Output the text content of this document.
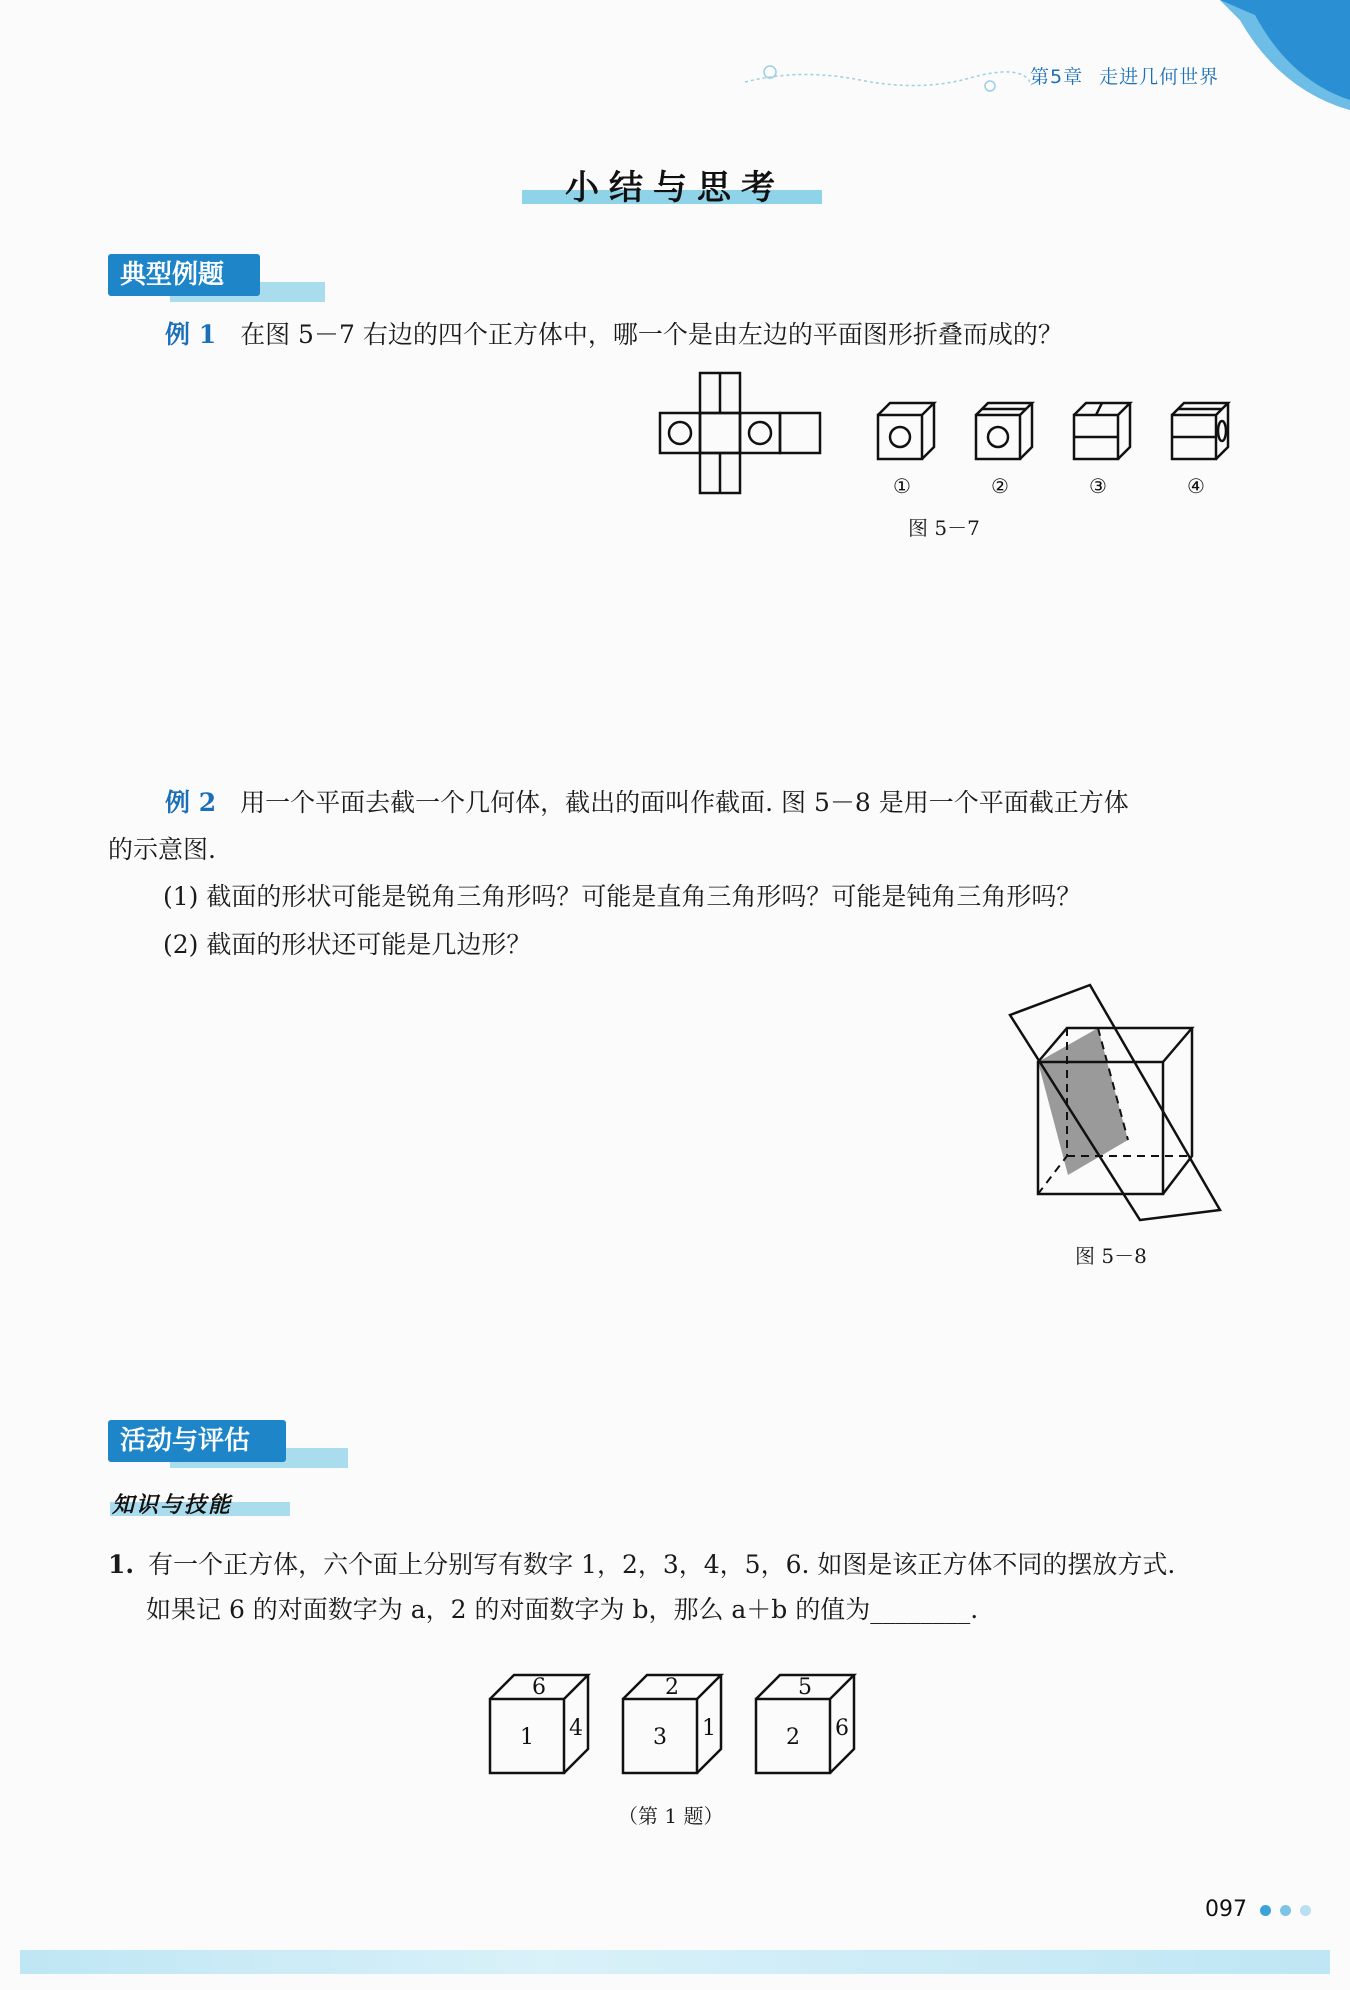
第5章 走进几何世界
小结与思考
典型例题
例 1 在图 5－7 右边的四个正方体中，哪一个是由左边的平面图形折叠而成的？
①	②	③	④
图 5－7
例 2 用一个平面去截一个几何体，截出的面叫作截面. 图 5－8 是用一个平面截正方体
的示意图.
(1) 截面的形状可能是锐角三角形吗？可能是直角三角形吗？可能是钝角三角形吗？
(2) 截面的形状还可能是几边形？
图 5－8
活动与评估
知识与技能
1. 有一个正方体，六个面上分别写有数字 1，2，3，4，5，6. 如图是该正方体不同的摆放方式.
如果记 6 的对面数字为 a，2 的对面数字为 b，那么 a＋b 的值为________.
6
1 4
2
3 1
5
2 6
（第 1 题）
097
